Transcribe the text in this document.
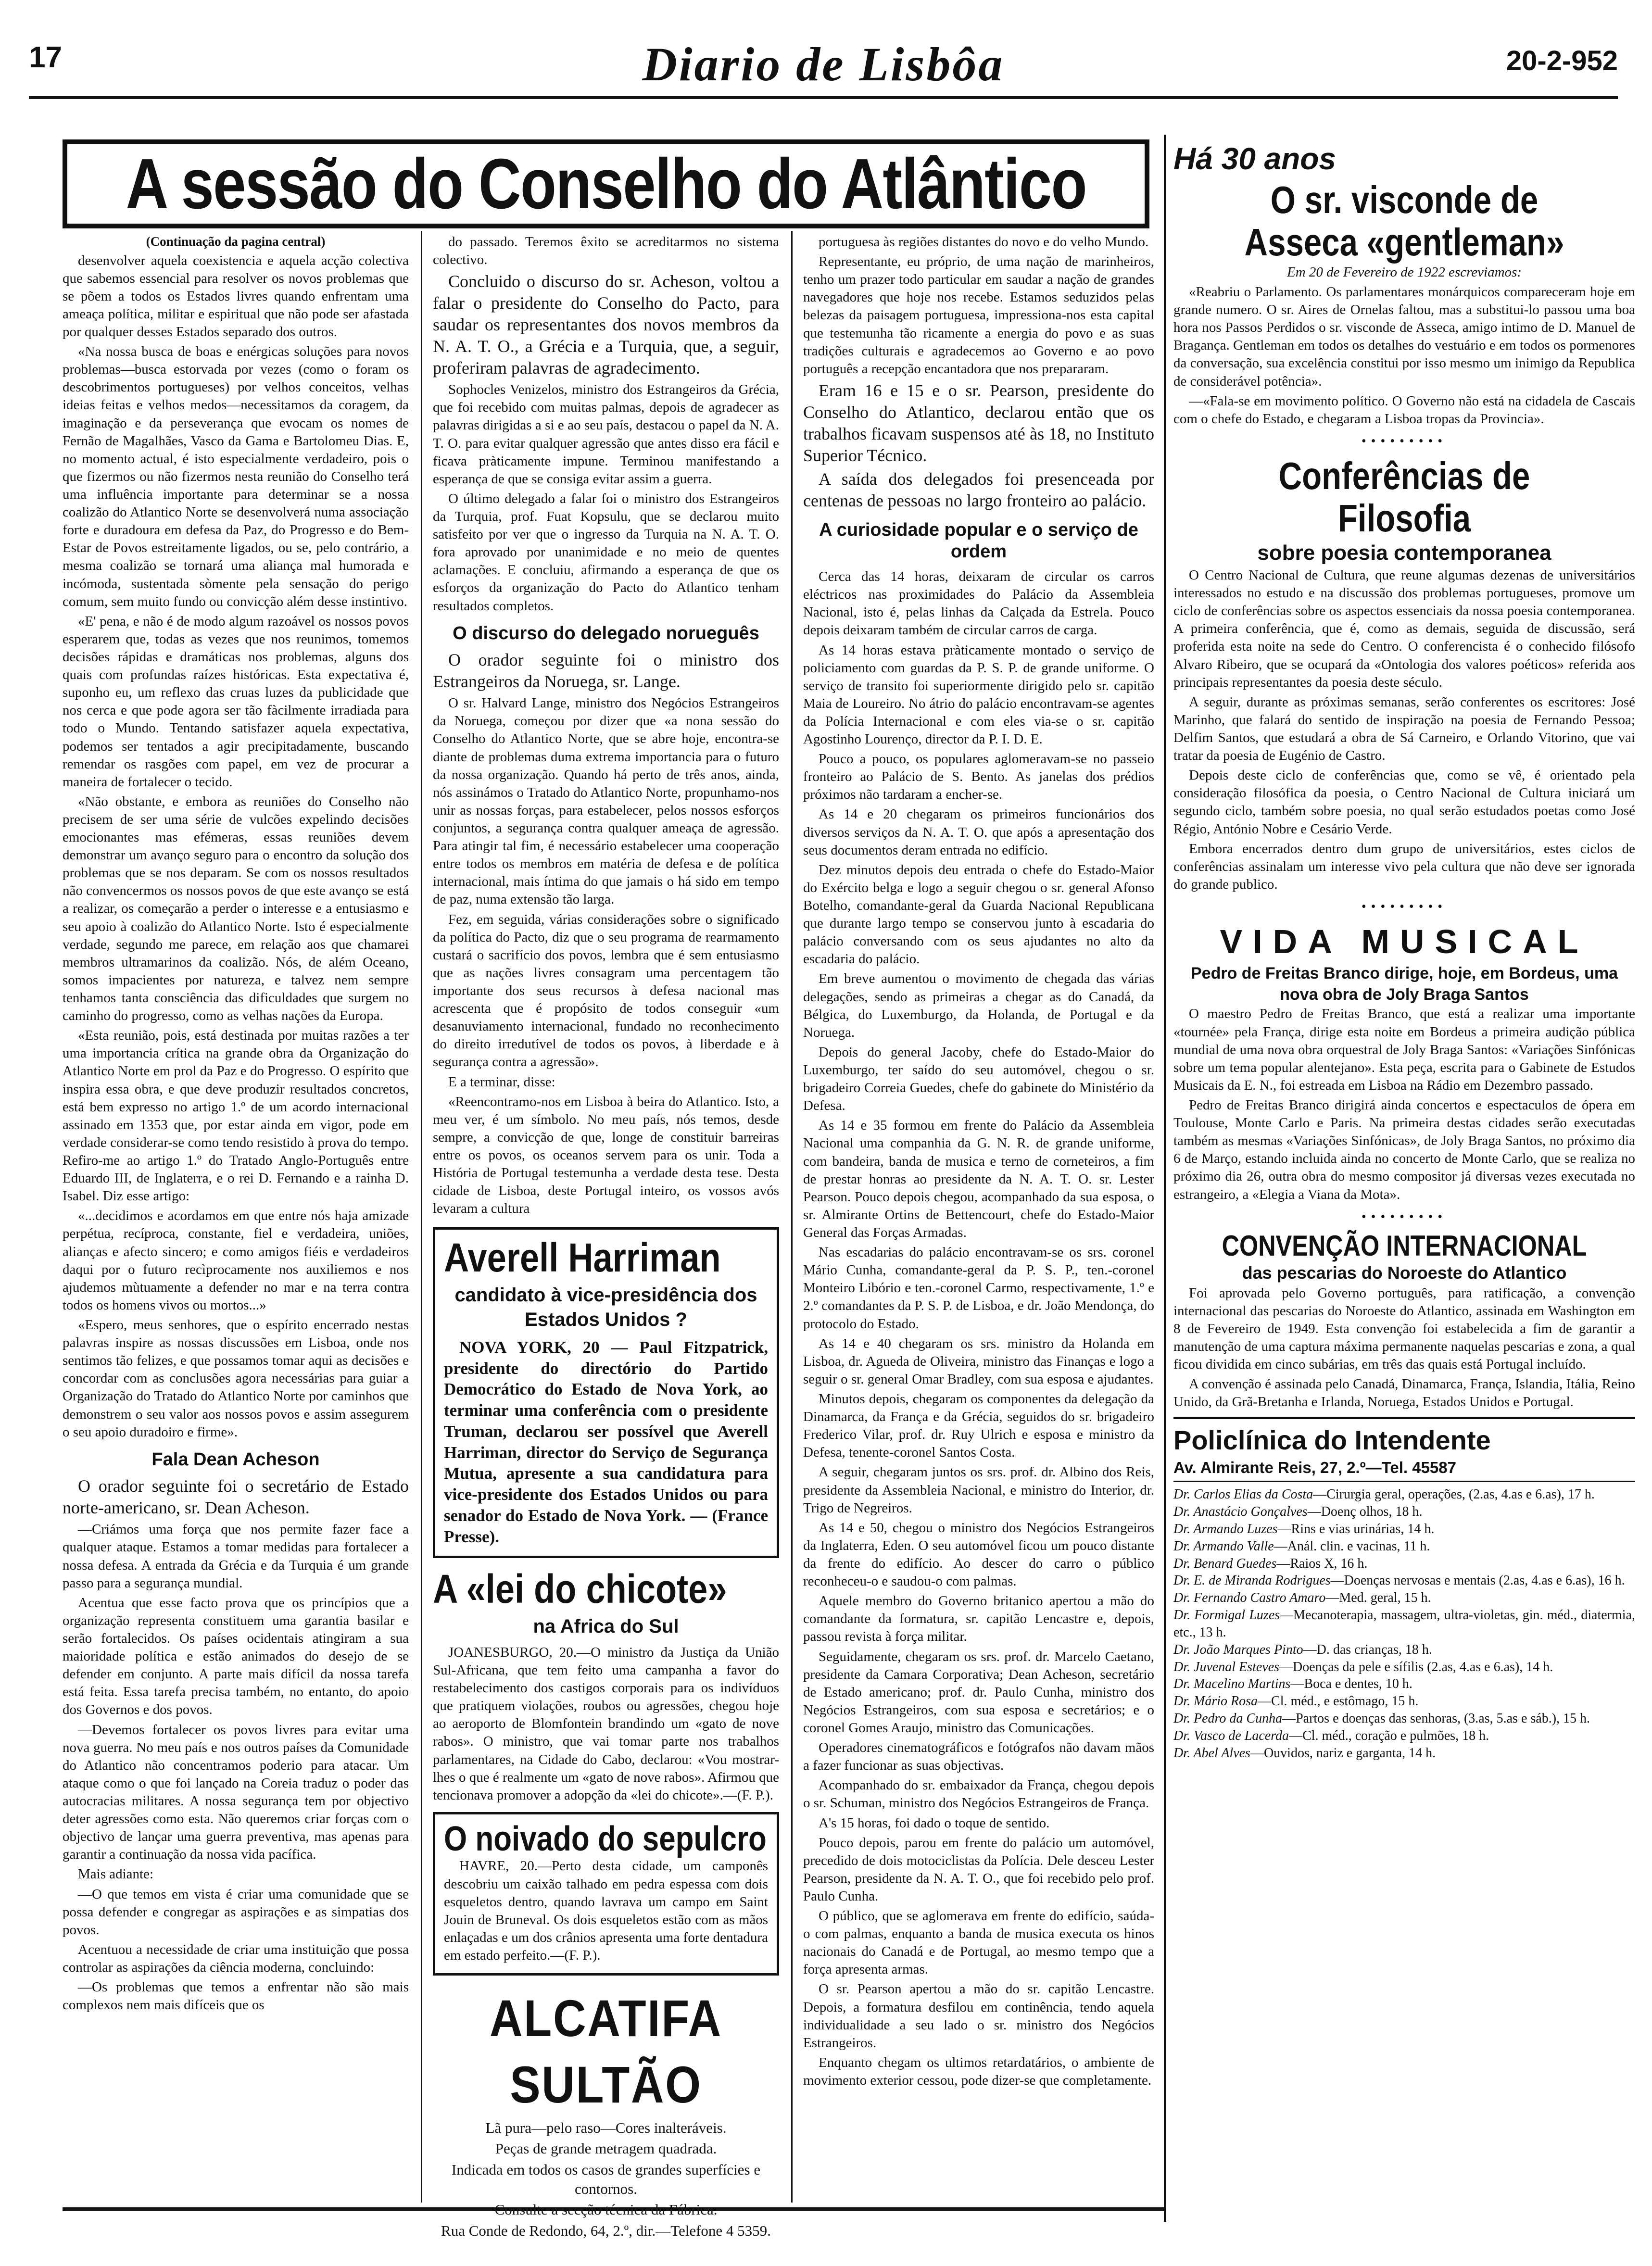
17	Diario de Lisbôa	20-2-952
A sessão do Conselho do Atlântico

(Continuação da pagina central)

desenvolver aquela coexistencia e aquela acção colectiva que sabemos essencial para resolver os novos problemas que se põem a todos os Estados livres quando enfrentam uma ameaça política, militar e espiritual que não pode ser afastada por qualquer desses Estados separado dos outros.

«Na nossa busca de boas e enérgicas soluções para novos problemas—busca estorvada por vezes (como o foram os descobrimentos portugueses) por velhos conceitos, velhas ideias feitas e velhos medos—necessitamos da coragem, da imaginação e da perseverança que evocam os nomes de Fernão de Magalhães, Vasco da Gama e Bartolomeu Dias. E, no momento actual, é isto especialmente verdadeiro, pois o que fizermos ou não fizermos nesta reunião do Conselho terá uma influência importante para determinar se a nossa coalizão do Atlantico Norte se desenvolverá numa associação forte e duradoura em defesa da Paz, do Progresso e do Bem-Estar de Povos estreitamente ligados, ou se, pelo contrário, a mesma coalizão se tornará uma aliança mal humorada e incómoda, sustentada sòmente pela sensação do perigo comum, sem muito fundo ou convicção além desse instintivo.

«E' pena, e não é de modo algum razoável os nossos povos esperarem que, todas as vezes que nos reunimos, tomemos decisões rápidas e dramáticas nos problemas, alguns dos quais com profundas raízes históricas. Esta expectativa é, suponho eu, um reflexo das cruas luzes da publicidade que nos cerca e que pode agora ser tão fàcilmente irradiada para todo o Mundo. Tentando satisfazer aquela expectativa, podemos ser tentados a agir precipitadamente, buscando remendar os rasgões com papel, em vez de procurar a maneira de fortalecer o tecido.

«Não obstante, e embora as reuniões do Conselho não precisem de ser uma série de vulcões expelindo decisões emocionantes mas efémeras, essas reuniões devem demonstrar um avanço seguro para o encontro da solução dos problemas que se nos deparam. Se com os nossos resultados não convencermos os nossos povos de que este avanço se está a realizar, os começarão a perder o interesse e a entusiasmo e seu apoio à coalizão do Atlantico Norte. Isto é especialmente verdade, segundo me parece, em relação aos que chamarei membros ultramarinos da coalizão. Nós, de além Oceano, somos impacientes por natureza, e talvez nem sempre tenhamos tanta consciência das dificuldades que surgem no caminho do progresso, como as velhas nações da Europa.

«Esta reunião, pois, está destinada por muitas razões a ter uma importancia crítica na grande obra da Organização do Atlantico Norte em prol da Paz e do Progresso. O espírito que inspira essa obra, e que deve produzir resultados concretos, está bem expresso no artigo 1.º de um acordo internacional assinado em 1353 que, por estar ainda em vigor, pode em verdade considerar-se como tendo resistido à prova do tempo. Refiro-me ao artigo 1.º do Tratado Anglo-Português entre Eduardo III, de Inglaterra, e o rei D. Fernando e a rainha D. Isabel. Diz esse artigo:

«...decidimos e acordamos em que entre nós haja amizade perpétua, recíproca, constante, fiel e verdadeira, uniões, alianças e afecto sincero; e como amigos fiéis e verdadeiros daqui por o futuro recìprocamente nos auxiliemos e nos ajudemos mùtuamente a defender no mar e na terra contra todos os homens vivos ou mortos...»

«Espero, meus senhores, que o espírito encerrado nestas palavras inspire as nossas discussões em Lisboa, onde nos sentimos tão felizes, e que possamos tomar aqui as decisões e concordar com as conclusões agora necessárias para guiar a Organização do Tratado do Atlantico Norte por caminhos que demonstrem o seu valor aos nossos povos e assim assegurem o seu apoio duradoiro e firme».

Fala Dean Acheson

O orador seguinte foi o secretário de Estado norte-americano, sr. Dean Acheson.

—Criámos uma força que nos permite fazer face a qualquer ataque. Estamos a tomar medidas para fortalecer a nossa defesa. A entrada da Grécia e da Turquia é um grande passo para a segurança mundial.

Acentua que esse facto prova que os princípios que a organização representa constituem uma garantia basilar e serão fortalecidos. Os países ocidentais atingiram a sua maioridade política e estão animados do desejo de se defender em conjunto. A parte mais difícil da nossa tarefa está feita. Essa tarefa precisa também, no entanto, do apoio dos Governos e dos povos.

—Devemos fortalecer os povos livres para evitar uma nova guerra. No meu país e nos outros países da Comunidade do Atlantico não concentramos poderio para atacar. Um ataque como o que foi lançado na Coreia traduz o poder das autocracias militares. A nossa segurança tem por objectivo deter agressões como esta. Não queremos criar forças com o objectivo de lançar uma guerra preventiva, mas apenas para garantir a continuação da nossa vida pacífica.

Mais adiante:

—O que temos em vista é criar uma comunidade que se possa defender e congregar as aspirações e as simpatias dos povos.

Acentuou a necessidade de criar uma instituição que possa controlar as aspirações da ciência moderna, concluindo:

—Os problemas que temos a enfrentar não são mais complexos nem mais difíceis que os

do passado. Teremos êxito se acreditarmos no sistema colectivo.

Concluido o discurso do sr. Acheson, voltou a falar o presidente do Conselho do Pacto, para saudar os representantes dos novos membros da N. A. T. O., a Grécia e a Turquia, que, a seguir, proferiram palavras de agradecimento.

Sophocles Venizelos, ministro dos Estrangeiros da Grécia, que foi recebido com muitas palmas, depois de agradecer as palavras dirigidas a si e ao seu país, destacou o papel da N. A. T. O. para evitar qualquer agressão que antes disso era fácil e ficava pràticamente impune. Terminou manifestando a esperança de que se consiga evitar assim a guerra.

O último delegado a falar foi o ministro dos Estrangeiros da Turquia, prof. Fuat Kopsulu, que se declarou muito satisfeito por ver que o ingresso da Turquia na N. A. T. O. fora aprovado por unanimidade e no meio de quentes aclamações. E concluiu, afirmando a esperança de que os esforços da organização do Pacto do Atlantico tenham resultados completos.

O discurso do delegado norueguês

O orador seguinte foi o ministro dos Estrangeiros da Noruega, sr. Lange.

O sr. Halvard Lange, ministro dos Negócios Estrangeiros da Noruega, começou por dizer que «a nona sessão do Conselho do Atlantico Norte, que se abre hoje, encontra-se diante de problemas duma extrema importancia para o futuro da nossa organização. Quando há perto de três anos, ainda, nós assinámos o Tratado do Atlantico Norte, propunhamo-nos unir as nossas forças, para estabelecer, pelos nossos esforços conjuntos, a segurança contra qualquer ameaça de agressão. Para atingir tal fim, é necessário estabelecer uma cooperação entre todos os membros em matéria de defesa e de política internacional, mais íntima do que jamais o há sido em tempo de paz, numa extensão tão larga.

Fez, em seguida, várias considerações sobre o significado da política do Pacto, diz que o seu programa de rearmamento custará o sacrifício dos povos, lembra que é sem entusiasmo que as nações livres consagram uma percentagem tão importante dos seus recursos à defesa nacional mas acrescenta que é propósito de todos conseguir «um desanuviamento internacional, fundado no reconhecimento do direito irredutível de todos os povos, à liberdade e à segurança contra a agressão».

E a terminar, disse:

«Reencontramo-nos em Lisboa à beira do Atlantico. Isto, a meu ver, é um símbolo. No meu país, nós temos, desde sempre, a convicção de que, longe de constituir barreiras entre os povos, os oceanos servem para os unir. Toda a História de Portugal testemunha a verdade desta tese. Desta cidade de Lisboa, deste Portugal inteiro, os vossos avós levaram a cultura

Averell Harriman
candidato à vice-presidência dos Estados Unidos ?

NOVA YORK, 20 — Paul Fitzpatrick, presidente do directório do Partido Democrático do Estado de Nova York, ao terminar uma conferência com o presidente Truman, declarou ser possível que Averell Harriman, director do Serviço de Segurança Mutua, apresente a sua candidatura para vice-presidente dos Estados Unidos ou para senador do Estado de Nova York. — (France Presse).

A «lei do chicote»
na Africa do Sul

JOANESBURGO, 20.—O ministro da Justiça da União Sul-Africana, que tem feito uma campanha a favor do restabelecimento dos castigos corporais para os indivíduos que pratiquem violações, roubos ou agressões, chegou hoje ao aeroporto de Blomfontein brandindo um «gato de nove rabos». O ministro, que vai tomar parte nos trabalhos parlamentares, na Cidade do Cabo, declarou: «Vou mostrar-lhes o que é realmente um «gato de nove rabos». Afirmou que tencionava promover a adopção da «lei do chicote».—(F. P.).

O noivado do sepulcro

HAVRE, 20.—Perto desta cidade, um camponês descobriu um caixão talhado em pedra espessa com dois esqueletos dentro, quando lavrava um campo em Saint Jouin de Bruneval. Os dois esqueletos estão com as mãos enlaçadas e um dos crânios apresenta uma forte dentadura em estado perfeito.—(F. P.).

ALCATIFA SULTÃO

Lã pura—pelo raso—Cores inalteráveis.

Peças de grande metragem quadrada.

Indicada em todos os casos de grandes superfícies e contornos.

Consulte a secção técnica da Fábrica.

Rua Conde de Redondo, 64, 2.º, dir.—Telefone 4 5359.

portuguesa às regiões distantes do novo e do velho Mundo.

Representante, eu próprio, de uma nação de marinheiros, tenho um prazer todo particular em saudar a nação de grandes navegadores que hoje nos recebe. Estamos seduzidos pelas belezas da paisagem portuguesa, impressiona-nos esta capital que testemunha tão ricamente a energia do povo e as suas tradições culturais e agradecemos ao Governo e ao povo português a recepção encantadora que nos prepararam.

Eram 16 e 15 e o sr. Pearson, presidente do Conselho do Atlantico, declarou então que os trabalhos ficavam suspensos até às 18, no Instituto Superior Técnico.

A saída dos delegados foi presenceada por centenas de pessoas no largo fronteiro ao palácio.

A curiosidade popular e o serviço de ordem

Cerca das 14 horas, deixaram de circular os carros eléctricos nas proximidades do Palácio da Assembleia Nacional, isto é, pelas linhas da Calçada da Estrela. Pouco depois deixaram também de circular carros de carga.

As 14 horas estava pràticamente montado o serviço de policiamento com guardas da P. S. P. de grande uniforme. O serviço de transito foi superiormente dirigido pelo sr. capitão Maia de Loureiro. No átrio do palácio encontravam-se agentes da Polícia Internacional e com eles via-se o sr. capitão Agostinho Lourenço, director da P. I. D. E.

Pouco a pouco, os populares aglomeravam-se no passeio fronteiro ao Palácio de S. Bento. As janelas dos prédios próximos não tardaram a encher-se.

As 14 e 20 chegaram os primeiros funcionários dos diversos serviços da N. A. T. O. que após a apresentação dos seus documentos deram entrada no edifício.

Dez minutos depois deu entrada o chefe do Estado-Maior do Exército belga e logo a seguir chegou o sr. general Afonso Botelho, comandante-geral da Guarda Nacional Republicana que durante largo tempo se conservou junto à escadaria do palácio conversando com os seus ajudantes no alto da escadaria do palácio.

Em breve aumentou o movimento de chegada das várias delegações, sendo as primeiras a chegar as do Canadá, da Bélgica, do Luxemburgo, da Holanda, de Portugal e da Noruega.

Depois do general Jacoby, chefe do Estado-Maior do Luxemburgo, ter saído do seu automóvel, chegou o sr. brigadeiro Correia Guedes, chefe do gabinete do Ministério da Defesa.

As 14 e 35 formou em frente do Palácio da Assembleia Nacional uma companhia da G. N. R. de grande uniforme, com bandeira, banda de musica e terno de corneteiros, a fim de prestar honras ao presidente da N. A. T. O. sr. Lester Pearson. Pouco depois chegou, acompanhado da sua esposa, o sr. Almirante Ortins de Bettencourt, chefe do Estado-Maior General das Forças Armadas.

Nas escadarias do palácio encontravam-se os srs. coronel Mário Cunha, comandante-geral da P. S. P., ten.-coronel Monteiro Libório e ten.-coronel Carmo, respectivamente, 1.º e 2.º comandantes da P. S. P. de Lisboa, e dr. João Mendonça, do protocolo do Estado.

As 14 e 40 chegaram os srs. ministro da Holanda em Lisboa, dr. Agueda de Oliveira, ministro das Finanças e logo a seguir o sr. general Omar Bradley, com sua esposa e ajudantes.

Minutos depois, chegaram os componentes da delegação da Dinamarca, da França e da Grécia, seguidos do sr. brigadeiro Frederico Vilar, prof. dr. Ruy Ulrich e esposa e ministro da Defesa, tenente-coronel Santos Costa.

A seguir, chegaram juntos os srs. prof. dr. Albino dos Reis, presidente da Assembleia Nacional, e ministro do Interior, dr. Trigo de Negreiros.

As 14 e 50, chegou o ministro dos Negócios Estrangeiros da Inglaterra, Eden. O seu automóvel ficou um pouco distante da frente do edifício. Ao descer do carro o público reconheceu-o e saudou-o com palmas.

Aquele membro do Governo britanico apertou a mão do comandante da formatura, sr. capitão Lencastre e, depois, passou revista à força militar.

Seguidamente, chegaram os srs. prof. dr. Marcelo Caetano, presidente da Camara Corporativa; Dean Acheson, secretário de Estado americano; prof. dr. Paulo Cunha, ministro dos Negócios Estrangeiros, com sua esposa e secretários; e o coronel Gomes Araujo, ministro das Comunicações.

Operadores cinematográficos e fotógrafos não davam mãos a fazer funcionar as suas objectivas.

Acompanhado do sr. embaixador da França, chegou depois o sr. Schuman, ministro dos Negócios Estrangeiros de França.

A's 15 horas, foi dado o toque de sentido.

Pouco depois, parou em frente do palácio um automóvel, precedido de dois motociclistas da Polícia. Dele desceu Lester Pearson, presidente da N. A. T. O., que foi recebido pelo prof. Paulo Cunha.

O público, que se aglomerava em frente do edifício, saúda-o com palmas, enquanto a banda de musica executa os hinos nacionais do Canadá e de Portugal, ao mesmo tempo que a força apresenta armas.

O sr. Pearson apertou a mão do sr. capitão Lencastre. Depois, a formatura desfilou em continência, tendo aquela individualidade a seu lado o sr. ministro dos Negócios Estrangeiros.

Enquanto chegam os ultimos retardatários, o ambiente de movimento exterior cessou, pode dizer-se que completamente.

Há 30 anos
O sr. visconde de Asseca «gentleman»

Em 20 de Fevereiro de 1922 escreviamos:

«Reabriu o Parlamento. Os parlamentares monárquicos compareceram hoje em grande numero. O sr. Aires de Ornelas faltou, mas a substitui-lo passou uma boa hora nos Passos Perdidos o sr. visconde de Asseca, amigo intimo de D. Manuel de Bragança. Gentleman em todos os detalhes do vestuário e em todos os pormenores da conversação, sua excelência constitui por isso mesmo um inimigo da Republica de considerável potência».

—«Fala-se em movimento político. O Governo não está na cidadela de Cascais com o chefe do Estado, e chegaram a Lisboa tropas da Provincia».

•••••••••
Conferências de Filosofia
sobre poesia contemporanea

O Centro Nacional de Cultura, que reune algumas dezenas de universitários interessados no estudo e na discussão dos problemas portugueses, promove um ciclo de conferências sobre os aspectos essenciais da nossa poesia contemporanea. A primeira conferência, que é, como as demais, seguida de discussão, será proferida esta noite na sede do Centro. O conferencista é o conhecido filósofo Alvaro Ribeiro, que se ocupará da «Ontologia dos valores poéticos» referida aos principais representantes da poesia deste século.

A seguir, durante as próximas semanas, serão conferentes os escritores: José Marinho, que falará do sentido de inspiração na poesia de Fernando Pessoa; Delfim Santos, que estudará a obra de Sá Carneiro, e Orlando Vitorino, que vai tratar da poesia de Eugénio de Castro.

Depois deste ciclo de conferências que, como se vê, é orientado pela consideração filosófica da poesia, o Centro Nacional de Cultura iniciará um segundo ciclo, também sobre poesia, no qual serão estudados poetas como José Régio, António Nobre e Cesário Verde.

Embora encerrados dentro dum grupo de universitários, estes ciclos de conferências assinalam um interesse vivo pela cultura que não deve ser ignorada do grande publico.

•••••••••
VIDA MUSICAL
Pedro de Freitas Branco dirige, hoje, em Bordeus, uma nova obra de Joly Braga Santos

O maestro Pedro de Freitas Branco, que está a realizar uma importante «tournée» pela França, dirige esta noite em Bordeus a primeira audição pública mundial de uma nova obra orquestral de Joly Braga Santos: «Variações Sinfónicas sobre um tema popular alentejano». Esta peça, escrita para o Gabinete de Estudos Musicais da E. N., foi estreada em Lisboa na Rádio em Dezembro passado.

Pedro de Freitas Branco dirigirá ainda concertos e espectaculos de ópera em Toulouse, Monte Carlo e Paris. Na primeira destas cidades serão executadas também as mesmas «Variações Sinfónicas», de Joly Braga Santos, no próximo dia 6 de Março, estando incluida ainda no concerto de Monte Carlo, que se realiza no próximo dia 26, outra obra do mesmo compositor já diversas vezes executada no estrangeiro, a «Elegia a Viana da Mota».

•••••••••
CONVENÇÃO INTERNACIONAL
das pescarias do Noroeste do Atlantico

Foi aprovada pelo Governo português, para ratificação, a convenção internacional das pescarias do Noroeste do Atlantico, assinada em Washington em 8 de Fevereiro de 1949. Esta convenção foi estabelecida a fim de garantir a manutenção de uma captura máxima permanente naquelas pescarias e zona, a qual ficou dividida em cinco subárias, em três das quais está Portugal incluído.

A convenção é assinada pelo Canadá, Dinamarca, França, Islandia, Itália, Reino Unido, da Grã-Bretanha e Irlanda, Noruega, Estados Unidos e Portugal.

Policlínica do Intendente
Av. Almirante Reis, 27, 2.º—Tel. 45587

Dr. Carlos Elias da Costa—Cirurgia geral, operações, (2.as, 4.as e 6.as), 17 h.

Dr. Anastácio Gonçalves—Doenç olhos, 18 h.

Dr. Armando Luzes—Rins e vias urinárias, 14 h.

Dr. Armando Valle—Anál. clin. e vacinas, 11 h.

Dr. Benard Guedes—Raios X, 16 h.

Dr. E. de Miranda Rodrigues—Doenças nervosas e mentais (2.as, 4.as e 6.as), 16 h.

Dr. Fernando Castro Amaro—Med. geral, 15 h.

Dr. Formigal Luzes—Mecanoterapia, massagem, ultra-violetas, gin. méd., diatermia, etc., 13 h.

Dr. João Marques Pinto—D. das crianças, 18 h.

Dr. Juvenal Esteves—Doenças da pele e sífilis (2.as, 4.as e 6.as), 14 h.

Dr. Macelino Martins—Boca e dentes, 10 h.

Dr. Mário Rosa—Cl. méd., e estômago, 15 h.

Dr. Pedro da Cunha—Partos e doenças das senhoras, (3.as, 5.as e sáb.), 15 h.

Dr. Vasco de Lacerda—Cl. méd., coração e pulmões, 18 h.

Dr. Abel Alves—Ouvidos, nariz e garganta, 14 h.
